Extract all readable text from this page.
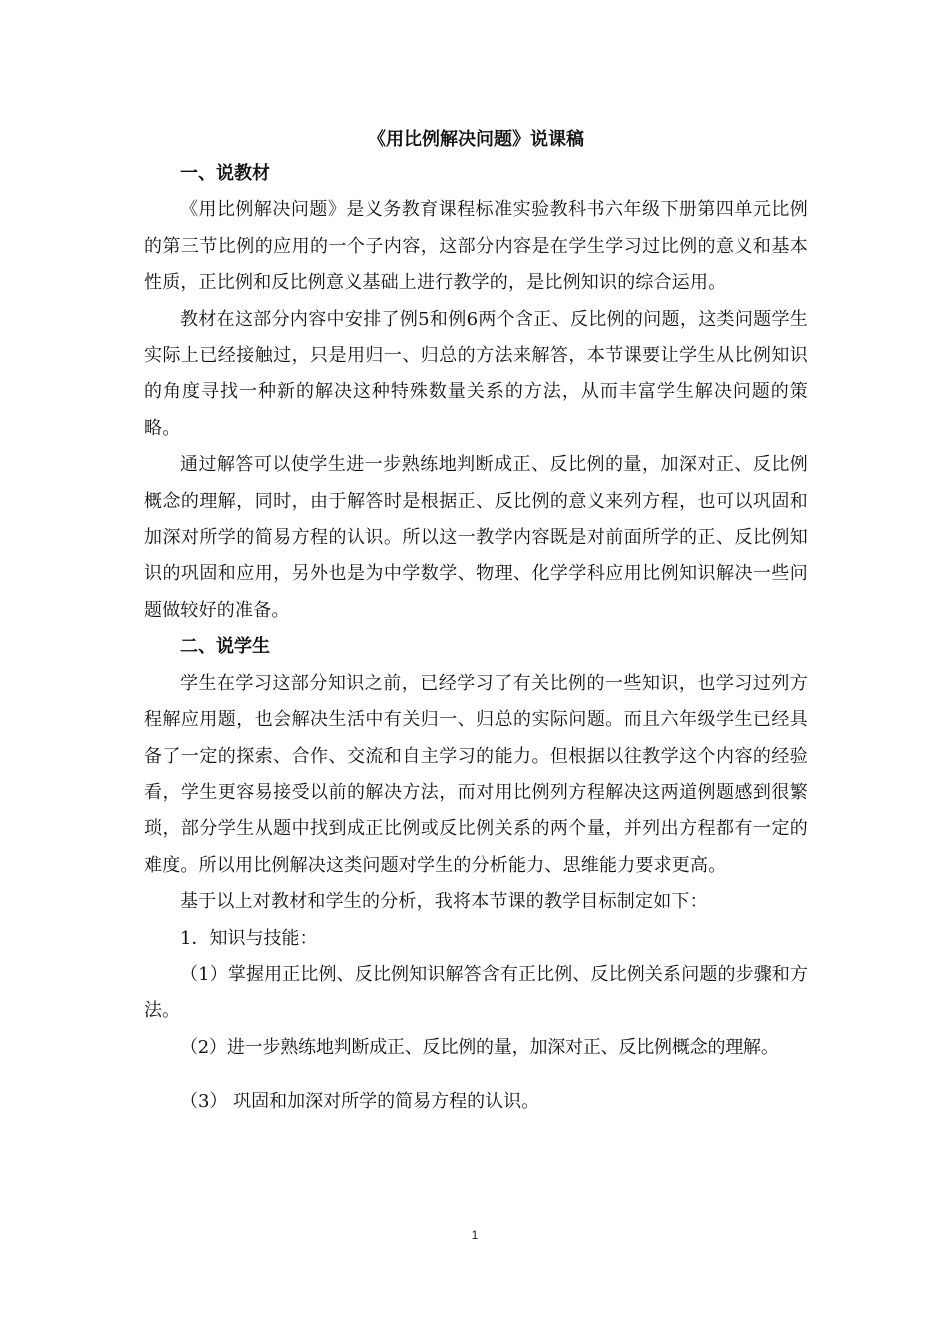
《用比例解决问题》说课稿

一、说教材

《用比例解决问题》是义务教育课程标准实验教科书六年级下册第四单元比例的第三节比例的应用的一个子内容，这部分内容是在学生学习过比例的意义和基本性质，正比例和反比例意义基础上进行教学的，是比例知识的综合运用。

教材在这部分内容中安排了例5和例6两个含正、反比例的问题，这类问题学生实际上已经接触过，只是用归一、归总的方法来解答，本节课要让学生从比例知识的角度寻找一种新的解决这种特殊数量关系的方法，从而丰富学生解决问题的策略。

通过解答可以使学生进一步熟练地判断成正、反比例的量，加深对正、反比例概念的理解，同时，由于解答时是根据正、反比例的意义来列方程，也可以巩固和加深对所学的简易方程的认识。所以这一教学内容既是对前面所学的正、反比例知识的巩固和应用，另外也是为中学数学、物理、化学学科应用比例知识解决一些问题做较好的准备。

二、说学生

学生在学习这部分知识之前，已经学习了有关比例的一些知识，也学习过列方程解应用题，也会解决生活中有关归一、归总的实际问题。而且六年级学生已经具备了一定的探索、合作、交流和自主学习的能力。但根据以往教学这个内容的经验看，学生更容易接受以前的解决方法，而对用比例列方程解决这两道例题感到很繁琐，部分学生从题中找到成正比例或反比例关系的两个量，并列出方程都有一定的难度。所以用比例解决这类问题对学生的分析能力、思维能力要求更高。

基于以上对教材和学生的分析，我将本节课的教学目标制定如下：

1．知识与技能：

（1）掌握用正比例、反比例知识解答含有正比例、反比例关系问题的步骤和方法。

（2）进一步熟练地判断成正、反比例的量，加深对正、反比例概念的理解。

（3） 巩固和加深对所学的简易方程的认识。

1
